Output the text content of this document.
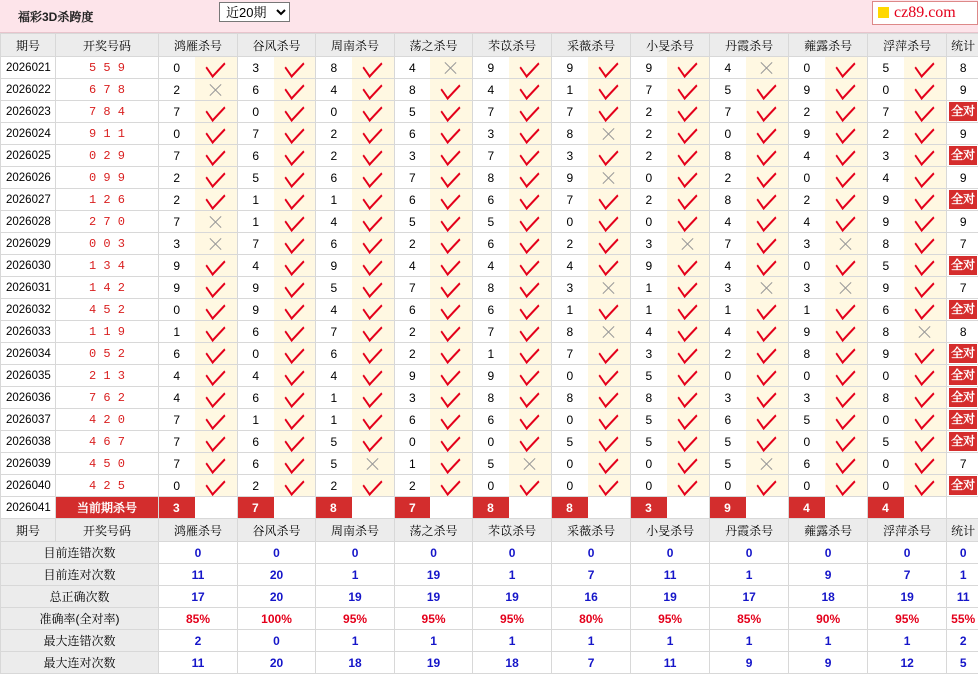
福彩3D杀跨度
近20期	cz89.com
期号	开奖号码	鸿雁杀号		谷风杀号		周南杀号		荡之杀号		芣苡杀号		采薇杀号		小旻杀号		丹霞杀号		蕹露杀号		浮萍杀号		统计
2026021	5 5 9	0		3		8		4		9		9		9		4		0		5		8
2026022	6 7 8	2		6		4		8		4		1		7		5		9		0		9
2026023	7 8 4	7		0		0		5		7		7		2		7		2		7		全对
2026024	9 1 1	0		7		2		6		3		8		2		0		9		2		9
2026025	0 2 9	7		6		2		3		7		3		2		8		4		3		全对
2026026	0 9 9	2		5		6		7		8		9		0		2		0		4		9
2026027	1 2 6	2		1		1		6		6		7		2		8		2		9		全对
2026028	2 7 0	7		1		4		5		5		0		0		4		4		9		9
2026029	0 0 3	3		7		6		2		6		2		3		7		3		8		7
2026030	1 3 4	9		4		9		4		4		4		9		4		0		5		全对
2026031	1 4 2	9		9		5		7		8		3		1		3		3		9		7
2026032	4 5 2	0		9		4		6		6		1		1		1		1		6		全对
2026033	1 1 9	1		6		7		2		7		8		4		4		9		8		8
2026034	0 5 2	6		0		6		2		1		7		3		2		8		9		全对
2026035	2 1 3	4		4		4		9		9		0		5		0		0		0		全对
2026036	7 6 2	4		6		1		3		8		8		8		3		3		8		全对
2026037	4 2 0	7		1		1		6		6		0		5		6		5		0		全对
2026038	4 6 7	7		6		5		0		0		5		5		5		0		5		全对
2026039	4 5 0	7		6		5		1		5		0		0		5		6		0		7
2026040	4 2 5	0		2		2		2		0		0		0		0		0		0		全对
2026041	当前期杀号	3		7		8		7		8		8		3		9		4		4		
期号	开奖号码	鸿雁杀号		谷风杀号		周南杀号		荡之杀号		芣苡杀号		采薇杀号		小旻杀号		丹霞杀号		蕹露杀号		浮萍杀号		统计
目前连错次数		0		0		0		0		0		0		0		0		0		0		0
目前连对次数		11		20		1		19		1		7		11		1		9		7		1
总正确次数		17		20		19		19		19		16		19		17		18		19		11
准确率(全对率)		85%		100%		95%		95%		95%		80%		95%		85%		90%		95%		55%
最大连错次数		2		0		1		1		1		1		1		1		1		1		2
最大连对次数		11		20		18		19		18		7		11		9		9		12		5
